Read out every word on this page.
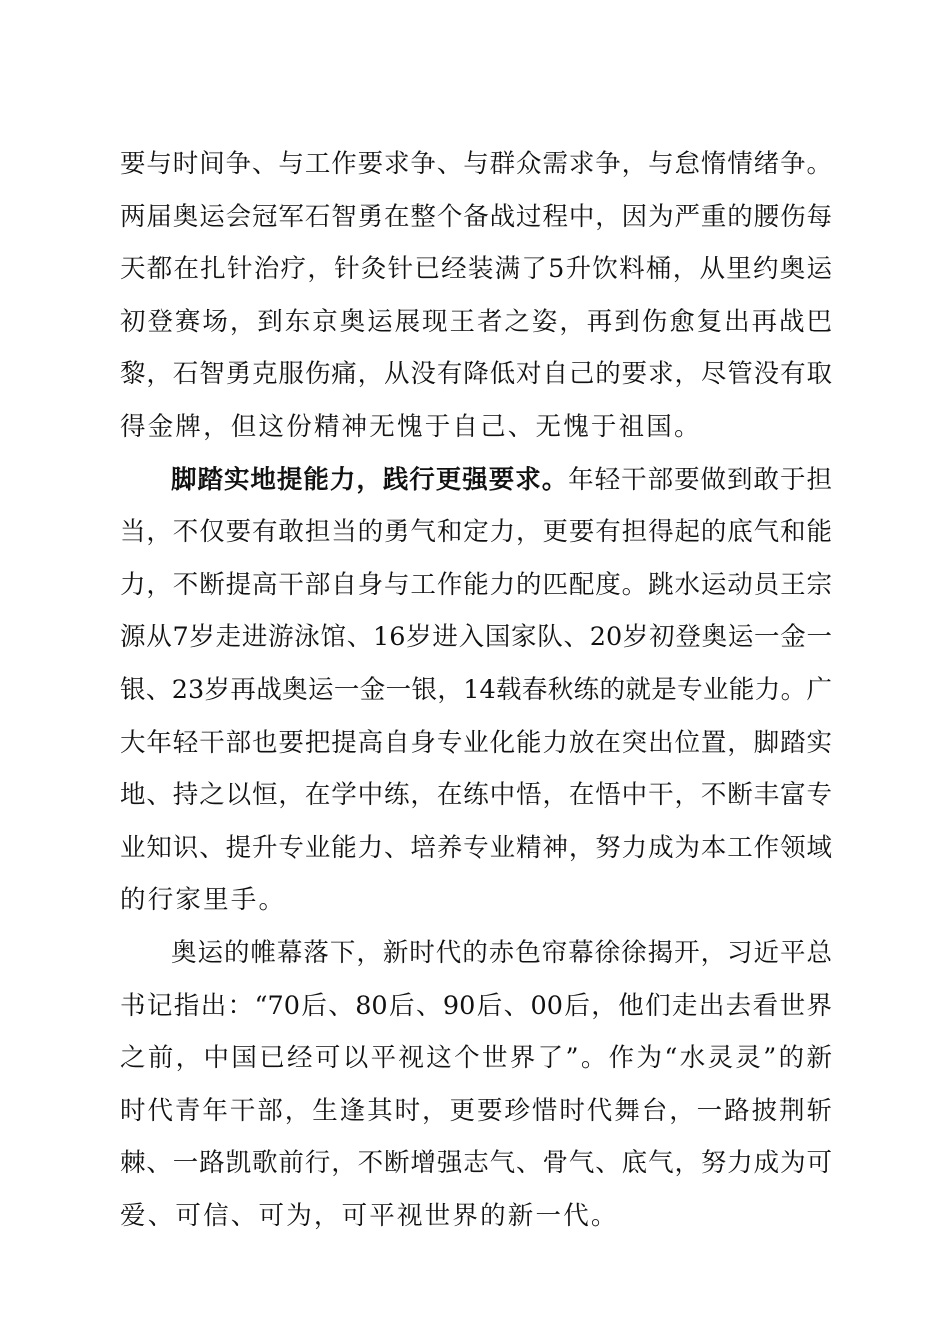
要与时间争、与工作要求争、与群众需求争，与怠惰情绪争。
两届奥运会冠军石智勇在整个备战过程中，因为严重的腰伤每
天都在扎针治疗，针灸针已经装满了5升饮料桶，从里约奥运
初登赛场，到东京奥运展现王者之姿，再到伤愈复出再战巴
黎，石智勇克服伤痛，从没有降低对自己的要求，尽管没有取
得金牌，但这份精神无愧于自己、无愧于祖国。
脚踏实地提能力，践行更强要求。年轻干部要做到敢于担
当，不仅要有敢担当的勇气和定力，更要有担得起的底气和能
力，不断提高干部自身与工作能力的匹配度。跳水运动员王宗
源从7岁走进游泳馆、16岁进入国家队、20岁初登奥运一金一
银、23岁再战奥运一金一银，14载春秋练的就是专业能力。广
大年轻干部也要把提高自身专业化能力放在突出位置，脚踏实
地、持之以恒，在学中练，在练中悟，在悟中干，不断丰富专
业知识、提升专业能力、培养专业精神，努力成为本工作领域
的行家里手。
奥运的帷幕落下，新时代的赤色帘幕徐徐揭开，习近平总
书记指出：“70后、80后、90后、00后，他们走出去看世界
之前，中国已经可以平视这个世界了”。作为“水灵灵”的新
时代青年干部，生逢其时，更要珍惜时代舞台，一路披荆斩
棘、一路凯歌前行，不断增强志气、骨气、底气，努力成为可
爱、可信、可为，可平视世界的新一代。
